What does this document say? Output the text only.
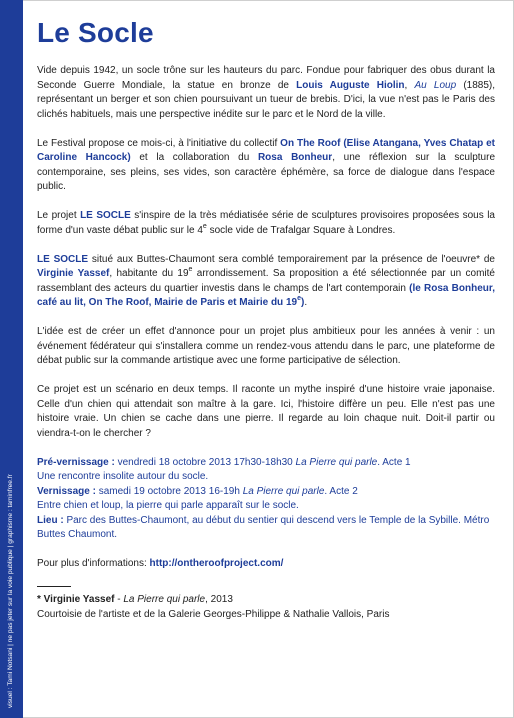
visuel : Tami Notsani | ne pas jeter sur la voie publique | graphisme : taminfree.fr
Le Socle

Vide depuis 1942, un socle trône sur les hauteurs du parc. Fondue pour fabriquer des obus durant la Seconde Guerre Mondiale, la statue en bronze de Louis Auguste Hiolin, Au Loup (1885), représentant un berger et son chien poursuivant un tueur de brebis. D'ici, la vue n'est pas le Paris des clichés habituels, mais une perspective inédite sur le parc et le Nord de la ville.

Le Festival propose ce mois-ci, à l'initiative du collectif On The Roof (Elise Atangana, Yves Chatap et Caroline Hancock) et la collaboration du Rosa Bonheur, une réflexion sur la sculpture contemporaine, ses pleins, ses vides, son caractère éphémère, sa force de dialogue dans l'espace public.

Le projet LE SOCLE s'inspire de la très médiatisée série de sculptures provisoires proposées sous la forme d'un vaste débat public sur le 4e socle vide de Trafalgar Square à Londres.

LE SOCLE situé aux Buttes-Chaumont sera comblé temporairement par la présence de l'oeuvre* de Virginie Yassef, habitante du 19e arrondissement. Sa proposition a été sélectionnée par un comité rassemblant des acteurs du quartier investis dans le champs de l'art contemporain (le Rosa Bonheur, café au lit, On The Roof, Mairie de Paris et Mairie du 19e).

L'idée est de créer un effet d'annonce pour un projet plus ambitieux pour les années à venir : un événement fédérateur qui s'installera comme un rendez-vous attendu dans le parc, une plateforme de débat public sur la commande artistique avec une forme participative de sélection.

Ce projet est un scénario en deux temps. Il raconte un mythe inspiré d'une histoire vraie japonaise. Celle d'un chien qui attendait son maître à la gare. Ici, l'histoire diffère un peu. Elle n'est pas une histoire vraie. Un chien se cache dans une pierre. Il regarde au loin chaque nuit. Doit-il partir ou viendra-t-on le chercher ?

Pré-vernissage : vendredi 18 octobre 2013 17h30-18h30 La Pierre qui parle. Acte 1
Une rencontre insolite autour du socle.

Vernissage : samedi 19 octobre 2013 16-19h La Pierre qui parle. Acte 2
Entre chien et loup, la pierre qui parle apparaît sur le socle.

Lieu : Parc des Buttes-Chaumont, au début du sentier qui descend vers le Temple de la Sybille. Métro Buttes Chaumont.

Pour plus d'informations: http://ontheroofproject.com/

* Virginie Yassef - La Pierre qui parle, 2013
Courtoisie de l'artiste et de la Galerie Georges-Philippe & Nathalie Vallois, Paris
